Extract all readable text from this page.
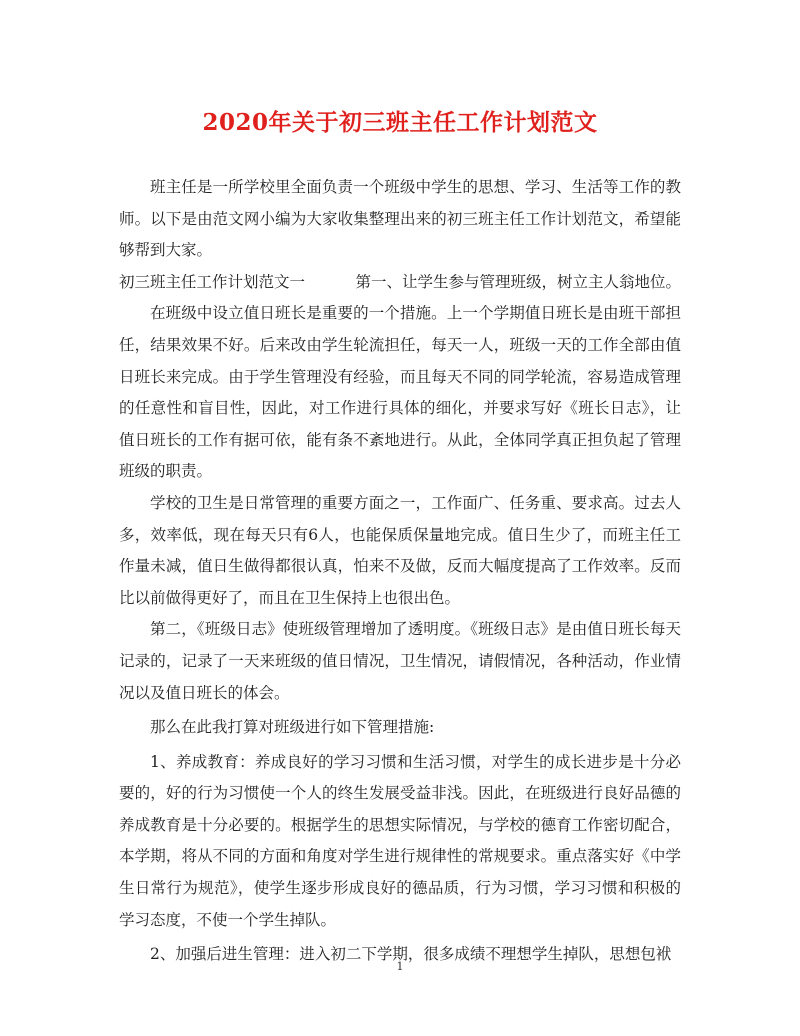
2020年关于初三班主任工作计划范文

班主任是一所学校里全面负责一个班级中学生的思想、学习、生活等工作的教师。以下是由范文网小编为大家收集整理出来的初三班主任工作计划范文，希望能够帮到大家。

初三班主任工作计划范文一	第一、让学生参与管理班级，树立主人翁地位。

在班级中设立值日班长是重要的一个措施。上一个学期值日班长是由班干部担任，结果效果不好。后来改由学生轮流担任，每天一人，班级一天的工作全部由值日班长来完成。由于学生管理没有经验，而且每天不同的同学轮流，容易造成管理的任意性和盲目性，因此，对工作进行具体的细化，并要求写好《班长日志》，让值日班长的工作有据可依，能有条不紊地进行。从此，全体同学真正担负起了管理班级的职责。

学校的卫生是日常管理的重要方面之一，工作面广、任务重、要求高。过去人多，效率低，现在每天只有6人，也能保质保量地完成。值日生少了，而班主任工作量未减，值日生做得都很认真，怕来不及做，反而大幅度提高了工作效率。反而比以前做得更好了，而且在卫生保持上也很出色。

第二，《班级日志》使班级管理增加了透明度。《班级日志》是由值日班长每天记录的，记录了一天来班级的值日情况，卫生情况，请假情况，各种活动，作业情况以及值日班长的体会。

那么在此我打算对班级进行如下管理措施:

1、养成教育：养成良好的学习习惯和生活习惯，对学生的成长进步是十分必要的，好的行为习惯使一个人的终生发展受益非浅。因此，在班级进行良好品德的养成教育是十分必要的。根据学生的思想实际情况，与学校的德育工作密切配合，本学期，将从不同的方面和角度对学生进行规律性的常规要求。重点落实好《中学生日常行为规范》，使学生逐步形成良好的德品质，行为习惯，学习习惯和积极的学习态度，不使一个学生掉队。

2、加强后进生管理：进入初二下学期，很多成绩不理想学生掉队，思想包袱

1
